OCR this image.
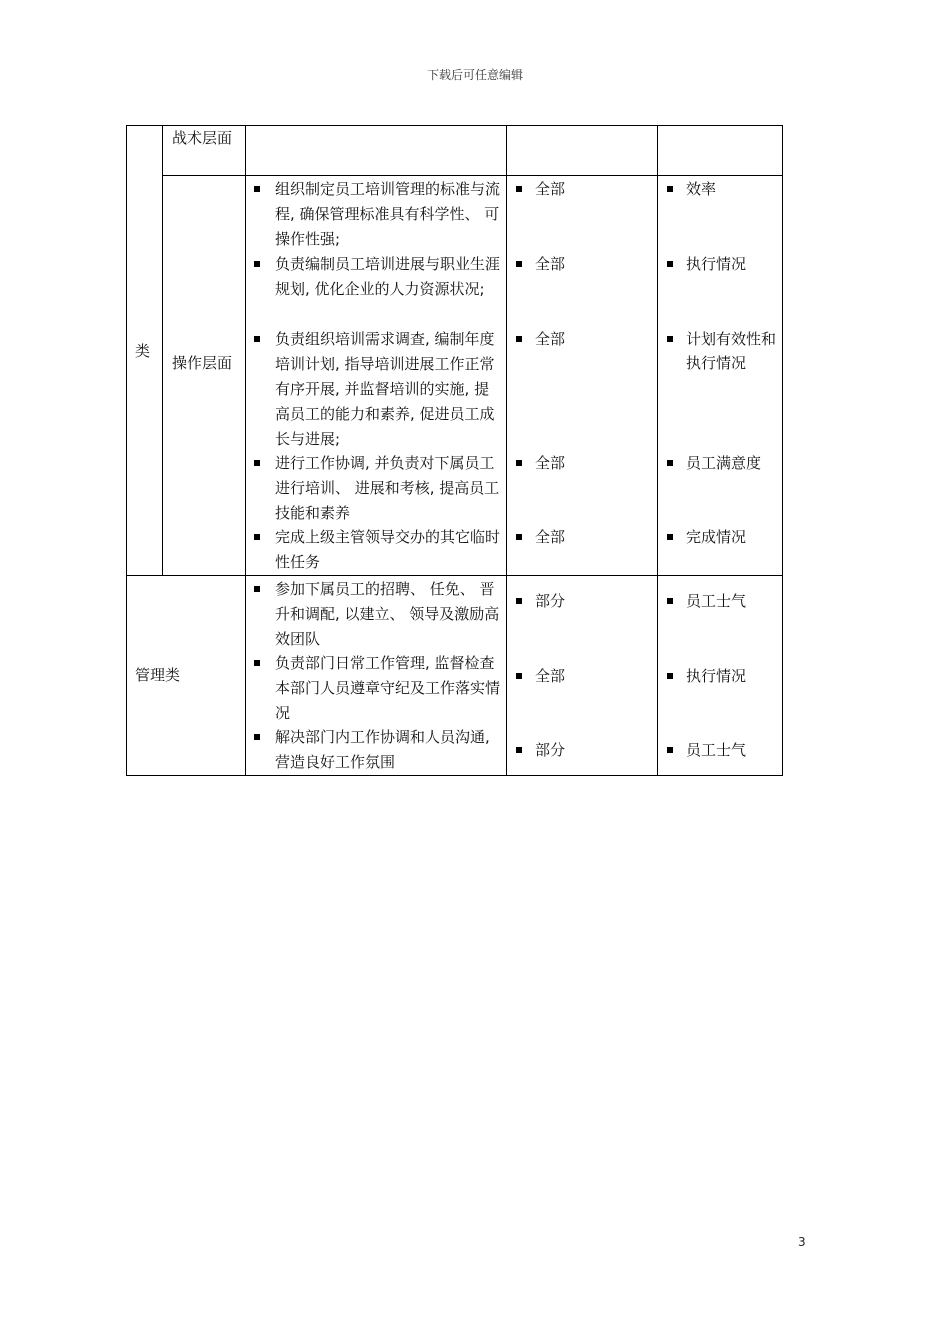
下载后可任意编辑
类
战术层面
操作层面
管理类
组织制定员工培训管理的标准与流程, 确保管理标准具有科学性、 可操作性强;
负责编制员工培训进展与职业生涯规划, 优化企业的人力资源状况;
负责组织培训需求调查, 编制年度培训计划, 指导培训进展工作正常有序开展, 并监督培训的实施, 提高员工的能力和素养, 促进员工成长与进展;
进行工作协调, 并负责对下属员工进行培训、 进展和考核, 提高员工技能和素养
完成上级主管领导交办的其它临时性任务
全部
全部
全部
全部
全部
效率
执行情况
计划有效性和执行情况
员工满意度
完成情况
参加下属员工的招聘、 任免、 晋升和调配, 以建立、 领导及激励高效团队
负责部门日常工作管理, 监督检查本部门人员遵章守纪及工作落实情况
解决部门内工作协调和人员沟通, 营造良好工作氛围
部分
全部
部分
员工士气
执行情况
员工士气
3
